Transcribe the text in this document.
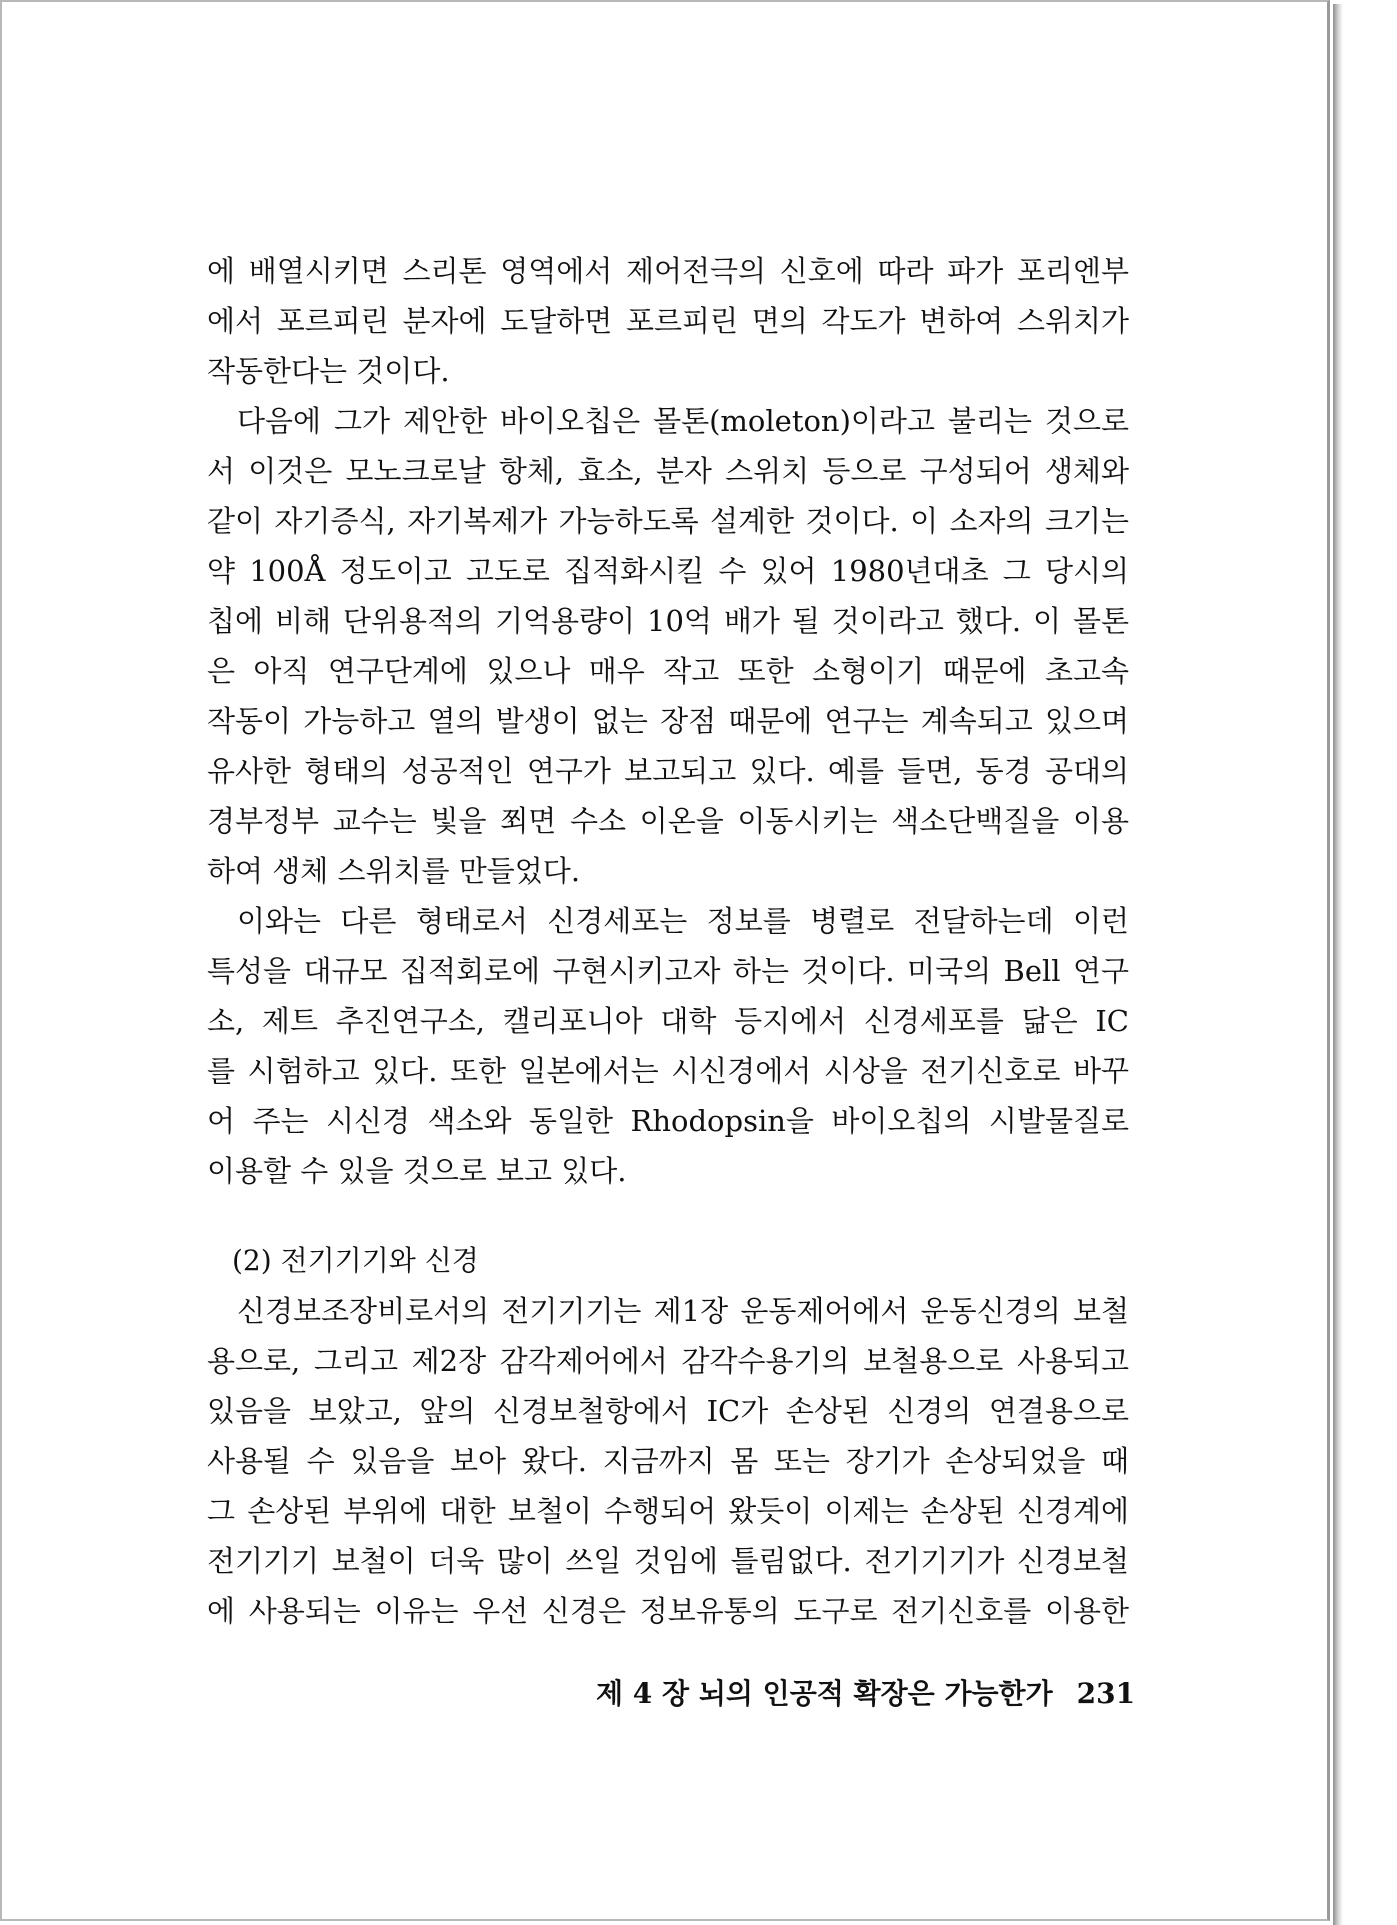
에 배열시키면 스리톤 영역에서 제어전극의 신호에 따라 파가 포리엔부
에서 포르피린 분자에 도달하면 포르피린 면의 각도가 변하여 스위치가
작동한다는 것이다.
다음에 그가 제안한 바이오칩은 몰톤(moleton)이라고 불리는 것으로
서 이것은 모노크로날 항체, 효소, 분자 스위치 등으로 구성되어 생체와
같이 자기증식, 자기복제가 가능하도록 설계한 것이다. 이 소자의 크기는
약 100Å 정도이고 고도로 집적화시킬 수 있어 1980년대초 그 당시의
칩에 비해 단위용적의 기억용량이 10억 배가 될 것이라고 했다. 이 몰톤
은 아직 연구단계에 있으나 매우 작고 또한 소형이기 때문에 초고속
작동이 가능하고 열의 발생이 없는 장점 때문에 연구는 계속되고 있으며
유사한 형태의 성공적인 연구가 보고되고 있다. 예를 들면, 동경 공대의
경부정부 교수는 빛을 쬐면 수소 이온을 이동시키는 색소단백질을 이용
하여 생체 스위치를 만들었다.
이와는 다른 형태로서 신경세포는 정보를 병렬로 전달하는데 이런
특성을 대규모 집적회로에 구현시키고자 하는 것이다. 미국의 Bell 연구
소, 제트 추진연구소, 캘리포니아 대학 등지에서 신경세포를 닮은 IC
를 시험하고 있다. 또한 일본에서는 시신경에서 시상을 전기신호로 바꾸
어 주는 시신경 색소와 동일한 Rhodopsin을 바이오칩의 시발물질로
이용할 수 있을 것으로 보고 있다.
(2) 전기기기와 신경
신경보조장비로서의 전기기기는 제1장 운동제어에서 운동신경의 보철
용으로, 그리고 제2장 감각제어에서 감각수용기의 보철용으로 사용되고
있음을 보았고, 앞의 신경보철항에서 IC가 손상된 신경의 연결용으로
사용될 수 있음을 보아 왔다. 지금까지 몸 또는 장기가 손상되었을 때
그 손상된 부위에 대한 보철이 수행되어 왔듯이 이제는 손상된 신경계에
전기기기 보철이 더욱 많이 쓰일 것임에 틀림없다. 전기기기가 신경보철
에 사용되는 이유는 우선 신경은 정보유통의 도구로 전기신호를 이용한
제 4 장 뇌의 인공적 확장은 가능한가 231
